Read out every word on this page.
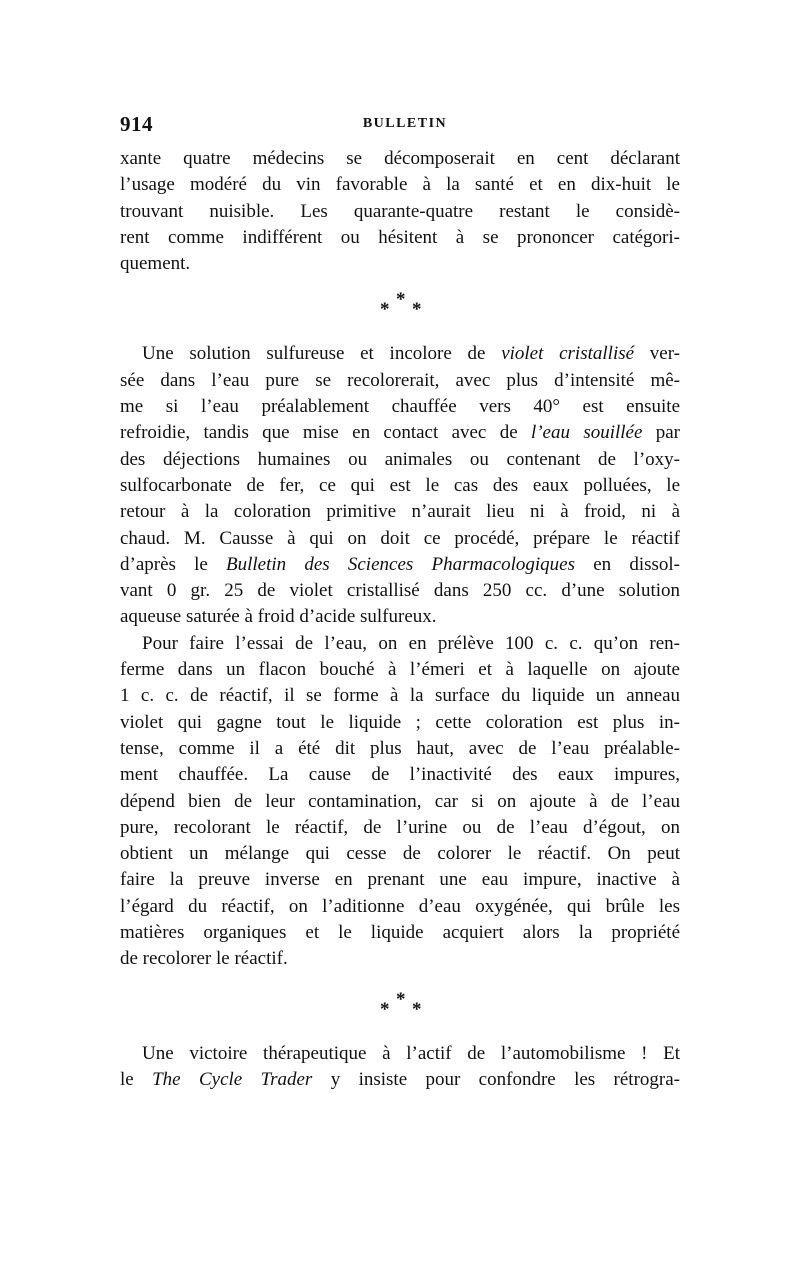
914	BULLETIN

xante quatre médecins se décomposerait en cent déclarant
l’usage modéré du vin favorable à la santé et en dix-huit le
trouvant nuisible. Les quarante-quatre restant le considè-
rent comme indifférent ou hésitent à se prononcer catégori-
quement.

*
* *

Une solution sulfureuse et incolore de violet cristallisé ver-
sée dans l’eau pure se recolorerait, avec plus d’intensité mê-
me si l’eau préalablement chauffée vers 40° est ensuite
refroidie, tandis que mise en contact avec de l’eau souillée par
des déjections humaines ou animales ou contenant de l’oxy-
sulfocarbonate de fer, ce qui est le cas des eaux polluées, le
retour à la coloration primitive n’aurait lieu ni à froid, ni à
chaud. M. Causse à qui on doit ce procédé, prépare le réactif
d’après le Bulletin des Sciences Pharmacologiques en dissol-
vant 0 gr. 25 de violet cristallisé dans 250 cc. d’une solution
aqueuse saturée à froid d’acide sulfureux.

Pour faire l’essai de l’eau, on en prélève 100 c. c. qu’on ren-
ferme dans un flacon bouché à l’émeri et à laquelle on ajoute
1 c. c. de réactif, il se forme à la surface du liquide un anneau
violet qui gagne tout le liquide ; cette coloration est plus in-
tense, comme il a été dit plus haut, avec de l’eau préalable-
ment chauffée. La cause de l’inactivité des eaux impures,
dépend bien de leur contamination, car si on ajoute à de l’eau
pure, recolorant le réactif, de l’urine ou de l’eau d’égout, on
obtient un mélange qui cesse de colorer le réactif. On peut
faire la preuve inverse en prenant une eau impure, inactive à
l’égard du réactif, on l’aditionne d’eau oxygénée, qui brûle les
matières organiques et le liquide acquiert alors la propriété
de recolorer le réactif.

*
* *

Une victoire thérapeutique à l’actif de l’automobilisme ! Et
le The Cycle Trader y insiste pour confondre les rétrogra-
